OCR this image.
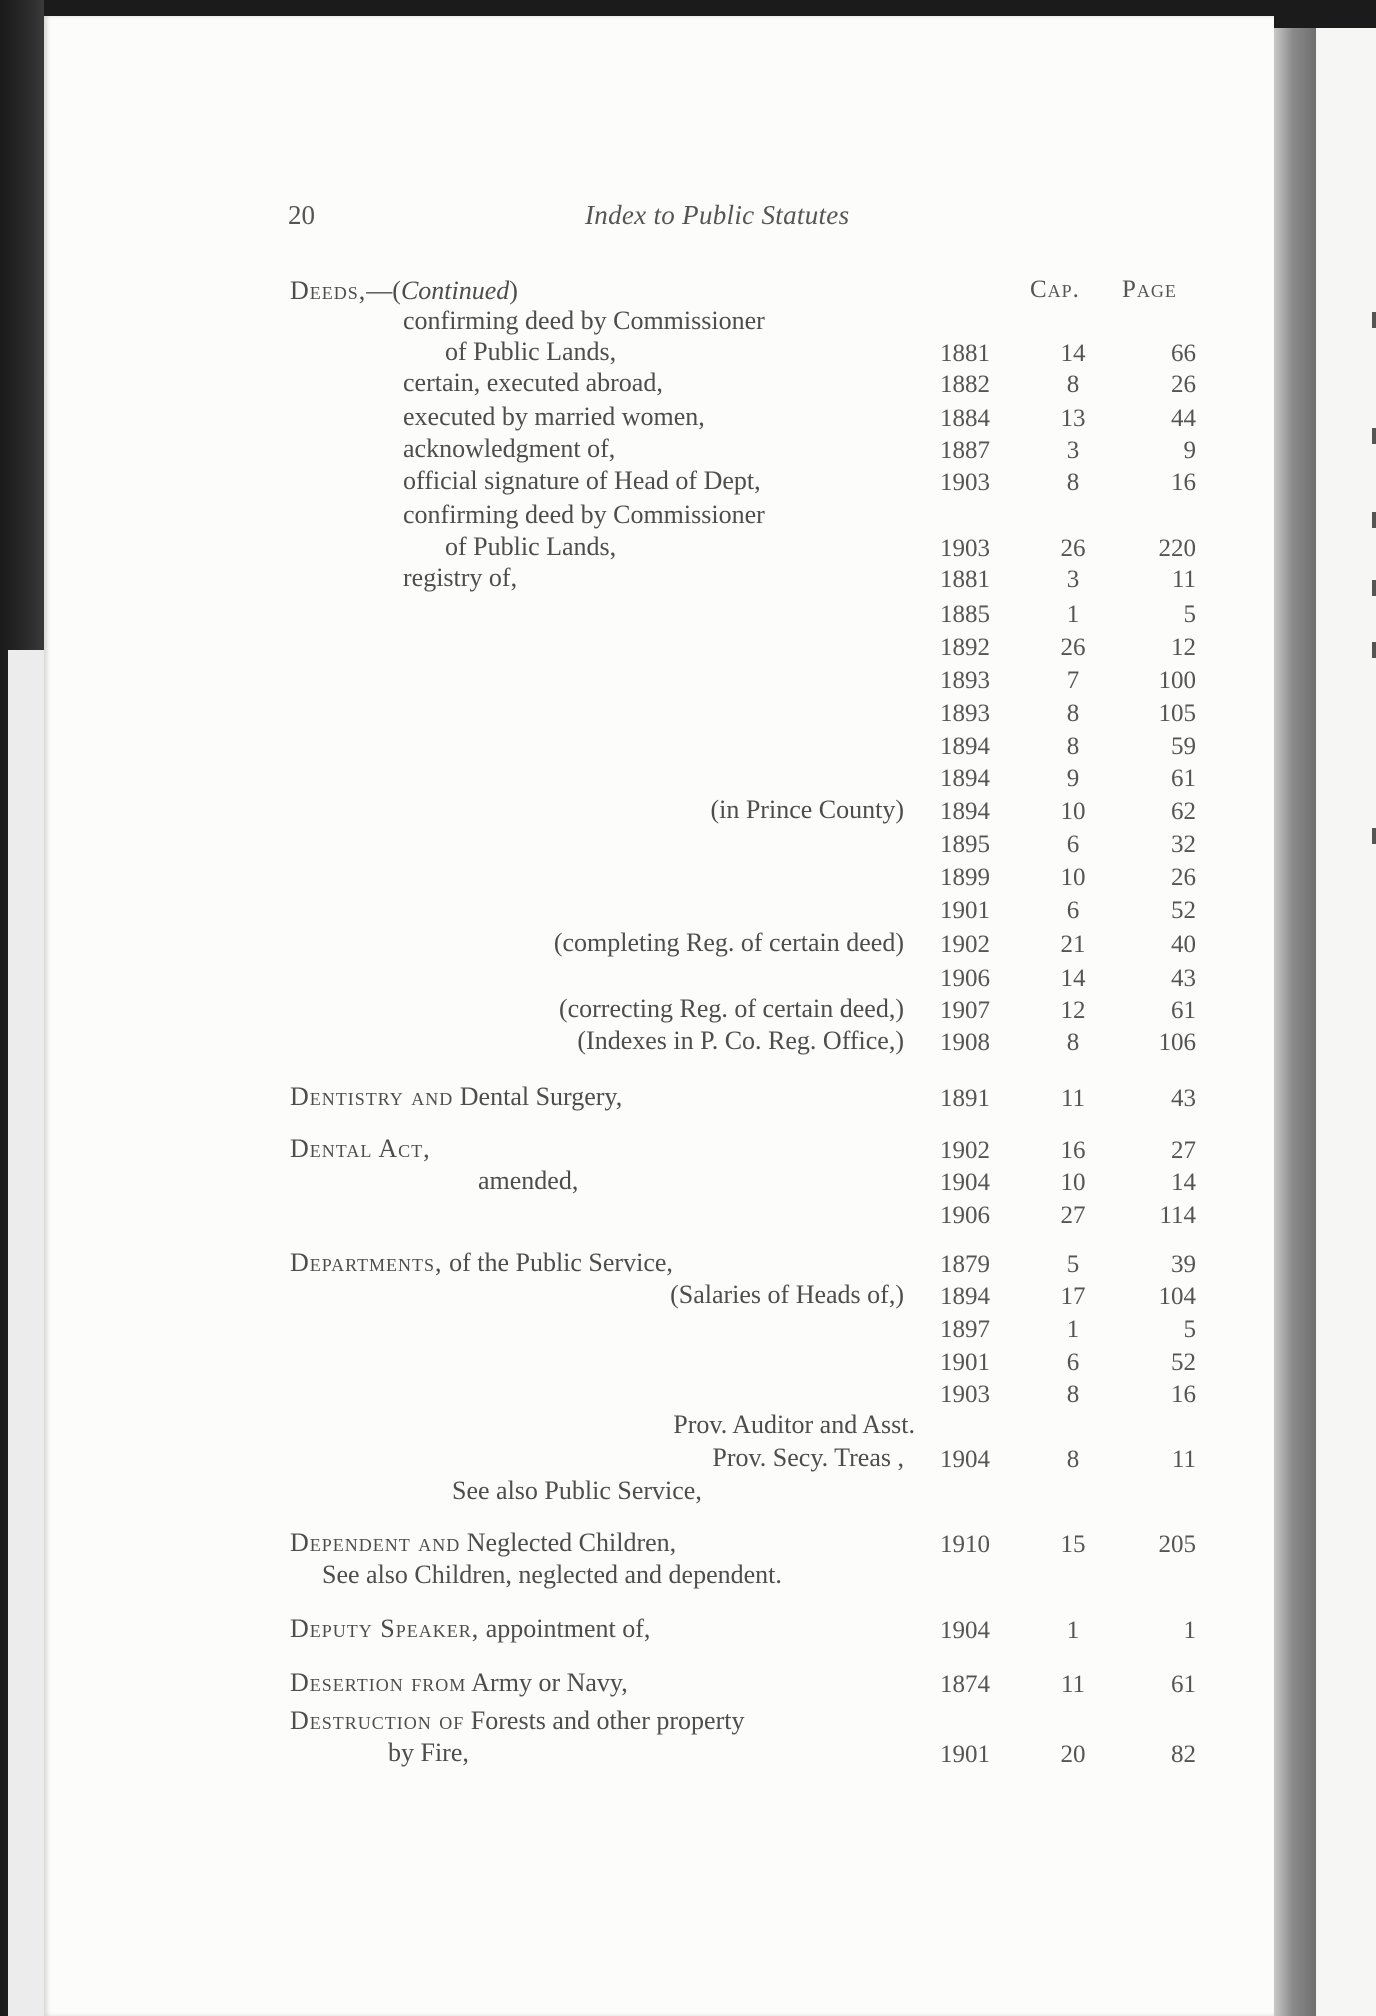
20	Index to Public Statutes
Cap. Page
Deeds,—(Continued)
confirming deed by Commissioner
of Public Lands,	1881	14	66
certain, executed abroad,	1882	8	26
executed by married women,	1884	13	44
acknowledgment of,	1887	3	9
official signature of Head of Dept,	1903	8	16
confirming deed by Commissioner
of Public Lands,	1903	26	220
registry of,	1881	3	11
1885	1	5
1892	26	12
1893	7	100
1893	8	105
1894	8	59
1894	9	61
(in Prince County) 1894	10	62
1895	6	32
1899	10	26
1901	6	52
(completing Reg. of certain deed) 1902	21	40
1906	14	43
(correcting Reg. of certain deed,) 1907	12	61
(Indexes in P. Co. Reg. Office,) 1908	8	106
Dentistry and Dental Surgery,	1891	11	43
Dental Act,	1902	16	27
amended,	1904	10	14
1906	27	114
Departments, of the Public Service,	1879	5	39
(Salaries of Heads of,) 1894	17	104
1897	1	5
1901	6	52
1903	8	16
Prov. Auditor and Asst.
Prov. Secy. Treas , 1904	8	11
See also Public Service,
Dependent and Neglected Children,	1910	15	205
See also Children, neglected and dependent.
Deputy Speaker, appointment of,	1904	1	1
Desertion from Army or Navy,	1874	11	61
Destruction of Forests and other property
by Fire,	1901	20	82
